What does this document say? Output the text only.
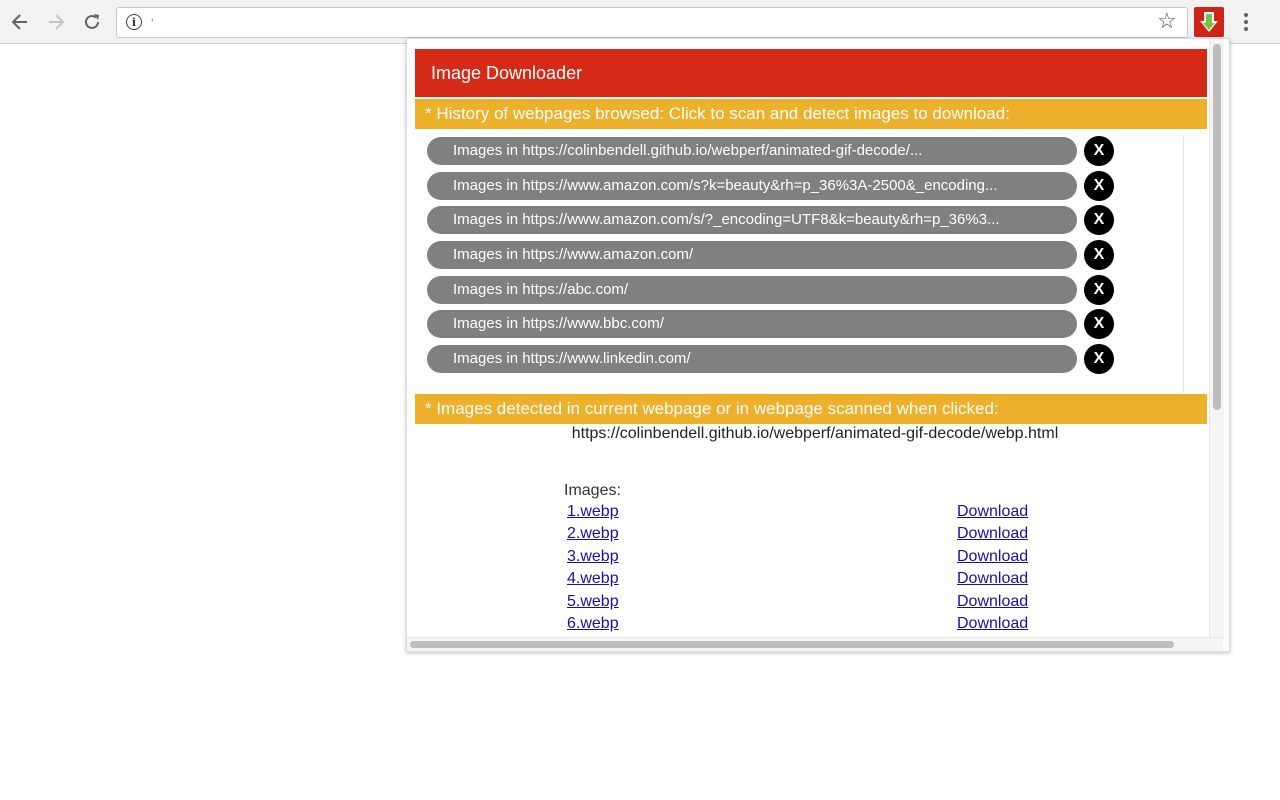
i	'	☆
Image Downloader
* History of webpages browsed: Click to scan and detect images to download:
Images in https://colinbendell.github.io/webperf/animated-gif-decode/...	X
Images in https://www.amazon.com/s?k=beauty&rh=p_36%3A-2500&_encoding...	X
Images in https://www.amazon.com/s/?_encoding=UTF8&k=beauty&rh=p_36%3...	X
Images in https://www.amazon.com/	X
Images in https://abc.com/	X
Images in https://www.bbc.com/	X
Images in https://www.linkedin.com/	X
* Images detected in current webpage or in webpage scanned when clicked:
https://colinbendell.github.io/webperf/animated-gif-decode/webp.html
Images:
1.webp	Download
2.webp	Download
3.webp	Download
4.webp	Download
5.webp	Download
6.webp	Download
